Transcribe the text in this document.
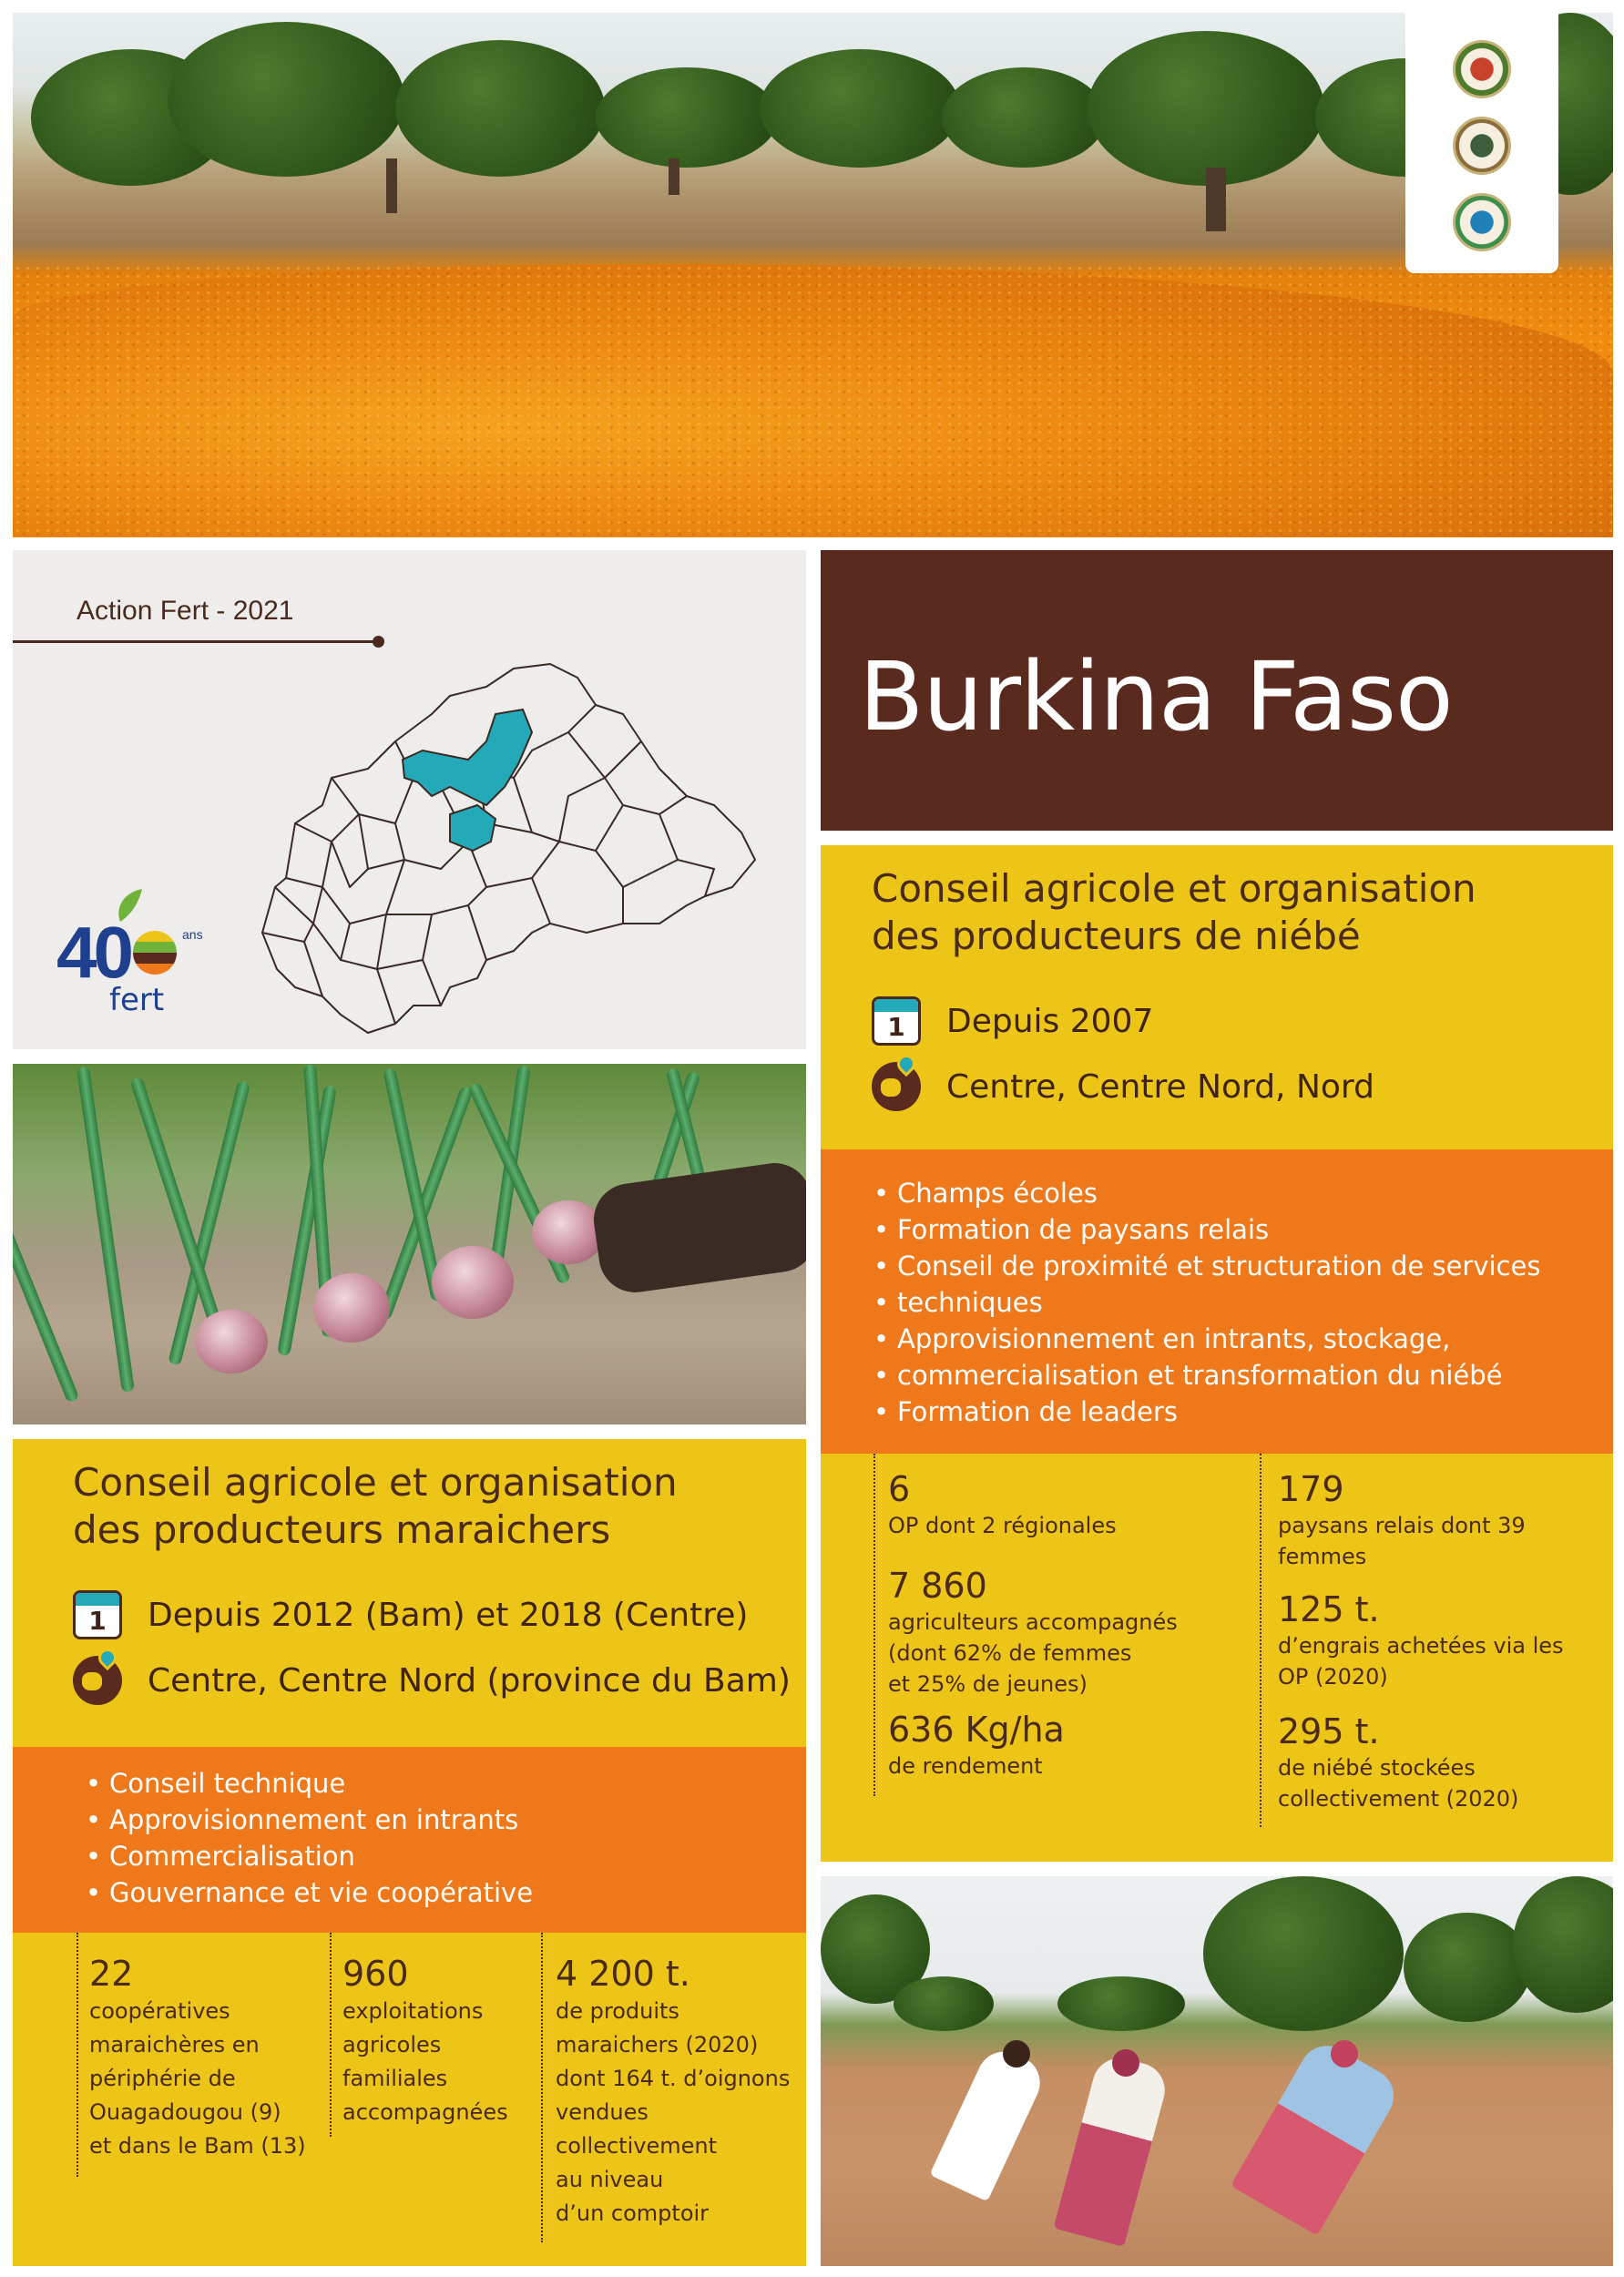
Action Fert - 2021
40	ans
fert
Burkina Faso
Conseil agricole et organisation
des producteurs de niébé
1	Depuis 2007
Centre, Centre Nord, Nord
• Champs écoles
• Formation de paysans relais
• Conseil de proximité et structuration de services
• techniques
• Approvisionnement en intrants, stockage,
• commercialisation et transformation du niébé
• Formation de leaders
6
OP dont 2 régionales
7 860
agriculteurs accompagnés
(dont 62% de femmes
et 25% de jeunes)
636 Kg/ha
de rendement
179
paysans relais dont 39
femmes
125 t.
d’engrais achetées via les
OP (2020)
295 t.
de niébé stockées
collectivement (2020)
Conseil agricole et organisation
des producteurs maraichers
1	Depuis 2012 (Bam) et 2018 (Centre)
Centre, Centre Nord (province du Bam)
• Conseil technique
• Approvisionnement en intrants
• Commercialisation
• Gouvernance et vie coopérative
22
coopératives
maraichères en
périphérie de
Ouagadougou (9)
et dans le Bam (13)
960
exploitations
agricoles
familiales
accompagnées
4 200 t.
de produits
maraichers (2020)
dont 164 t. d’oignons
vendues
collectivement
au niveau
d’un comptoir
